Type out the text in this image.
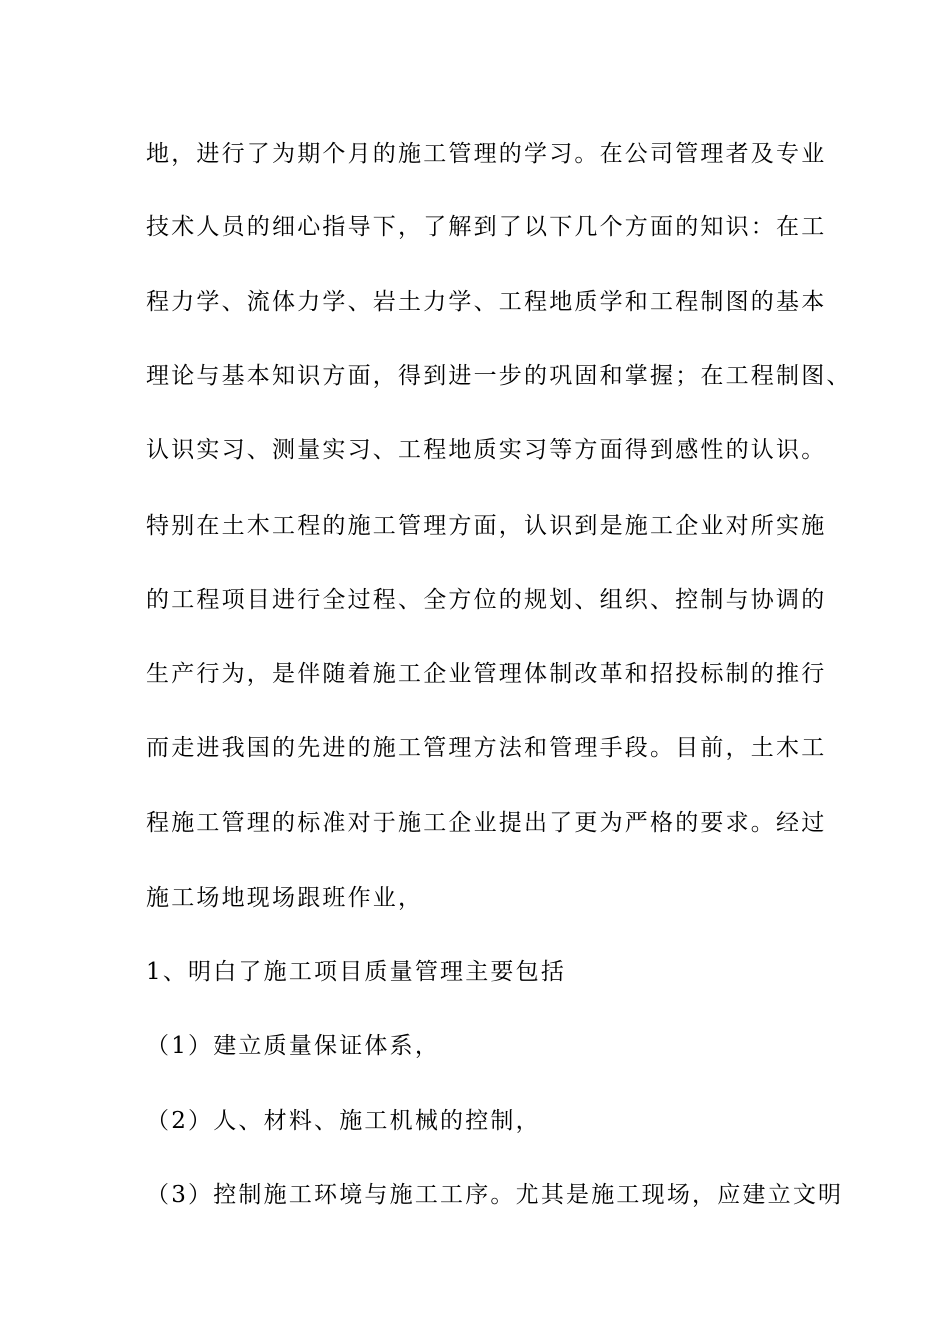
地，进行了为期个月的施工管理的学习。在公司管理者及专业
技术人员的细心指导下，了解到了以下几个方面的知识：在工
程力学、流体力学、岩土力学、工程地质学和工程制图的基本
理论与基本知识方面，得到进一步的巩固和掌握；在工程制图、
认识实习、测量实习、工程地质实习等方面得到感性的认识。
特别在土木工程的施工管理方面，认识到是施工企业对所实施
的工程项目进行全过程、全方位的规划、组织、控制与协调的
生产行为，是伴随着施工企业管理体制改革和招投标制的推行
而走进我国的先进的施工管理方法和管理手段。目前，土木工
程施工管理的标准对于施工企业提出了更为严格的要求。经过
施工场地现场跟班作业，
1、明白了施工项目质量管理主要包括
（1）建立质量保证体系，
（2）人、材料、施工机械的控制，
（3）控制施工环境与施工工序。尤其是施工现场，应建立文明
